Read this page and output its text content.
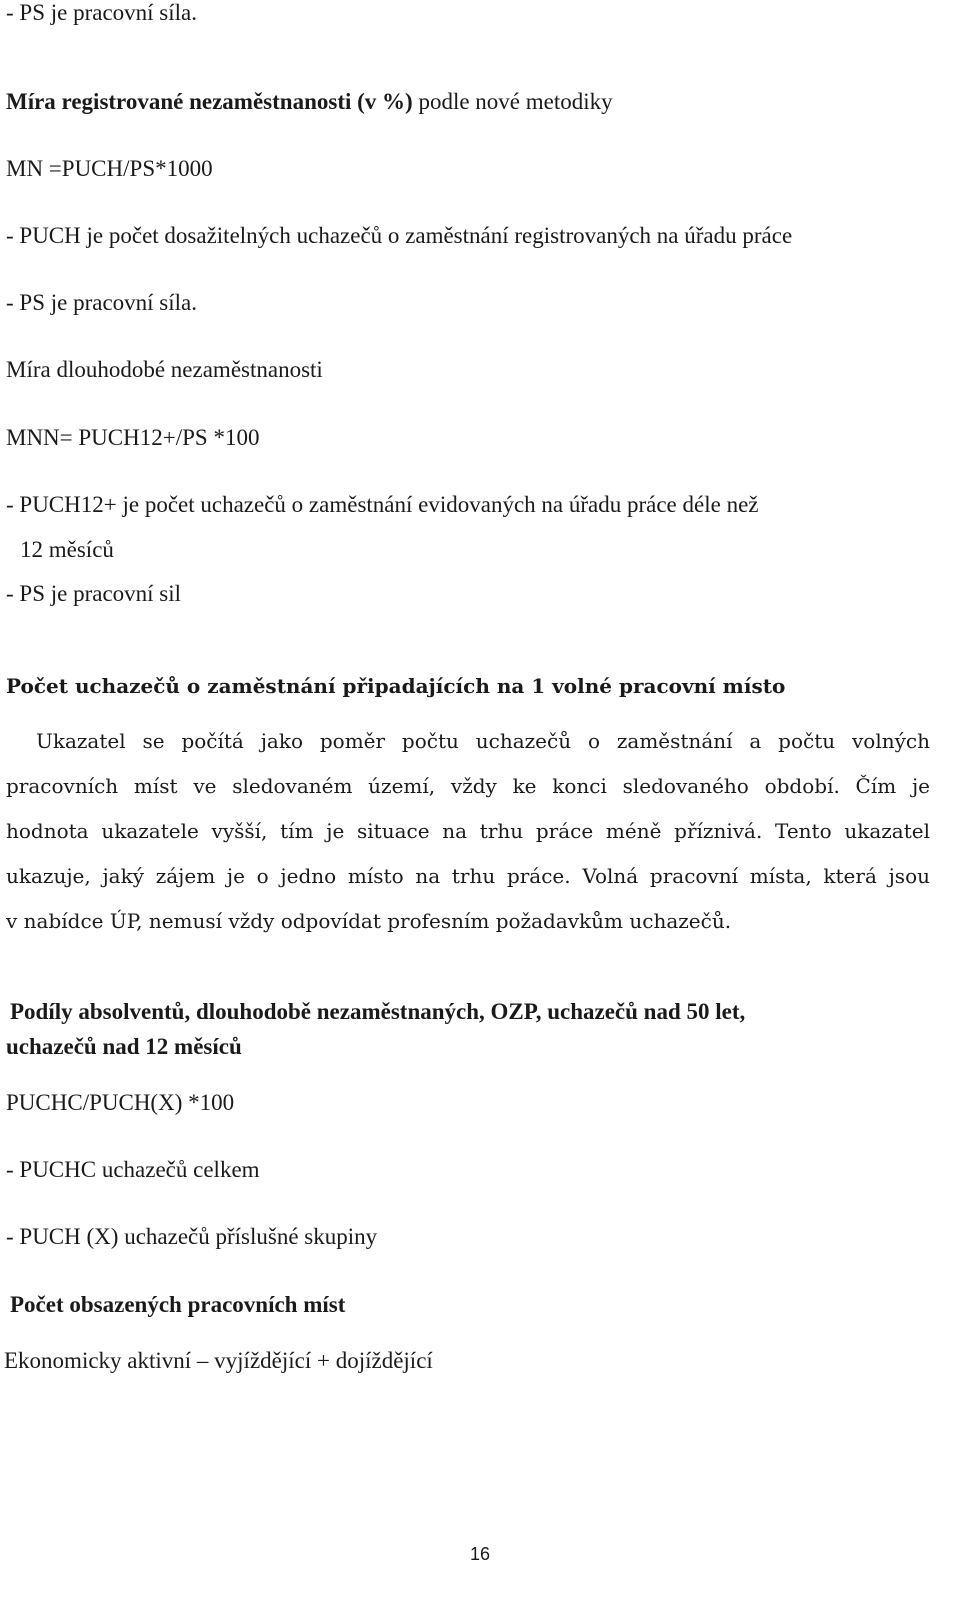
- PS je pracovní síla.
Míra registrované nezaměstnanosti (v %) podle nové metodiky
MN =PUCH/PS*1000
- PUCH je počet dosažitelných uchazečů o zaměstnání registrovaných na úřadu práce
- PS je pracovní síla.
Míra dlouhodobé nezaměstnanosti
MNN= PUCH12+/PS *100
- PUCH12+ je počet uchazečů o zaměstnání evidovaných na úřadu práce déle než
12 měsíců
- PS je pracovní sil
Počet uchazečů o zaměstnání připadajících na 1 volné pracovní místo
Ukazatel se počítá jako poměr počtu uchazečů o zaměstnání a počtu volných
pracovních míst ve sledovaném území, vždy ke konci sledovaného období. Čím je
hodnota ukazatele vyšší, tím je situace na trhu práce méně příznivá. Tento ukazatel
ukazuje, jaký zájem je o jedno místo na trhu práce. Volná pracovní místa, která jsou
v nabídce ÚP, nemusí vždy odpovídat profesním požadavkům uchazečů.
Podíly absolventů, dlouhodobě nezaměstnaných, OZP, uchazečů nad 50 let,
uchazečů nad 12 měsíců
PUCHC/PUCH(X) *100
- PUCHC uchazečů celkem
- PUCH (X) uchazečů příslušné skupiny
Počet obsazených pracovních míst
Ekonomicky aktivní – vyjíždějící + dojíždějící
16
